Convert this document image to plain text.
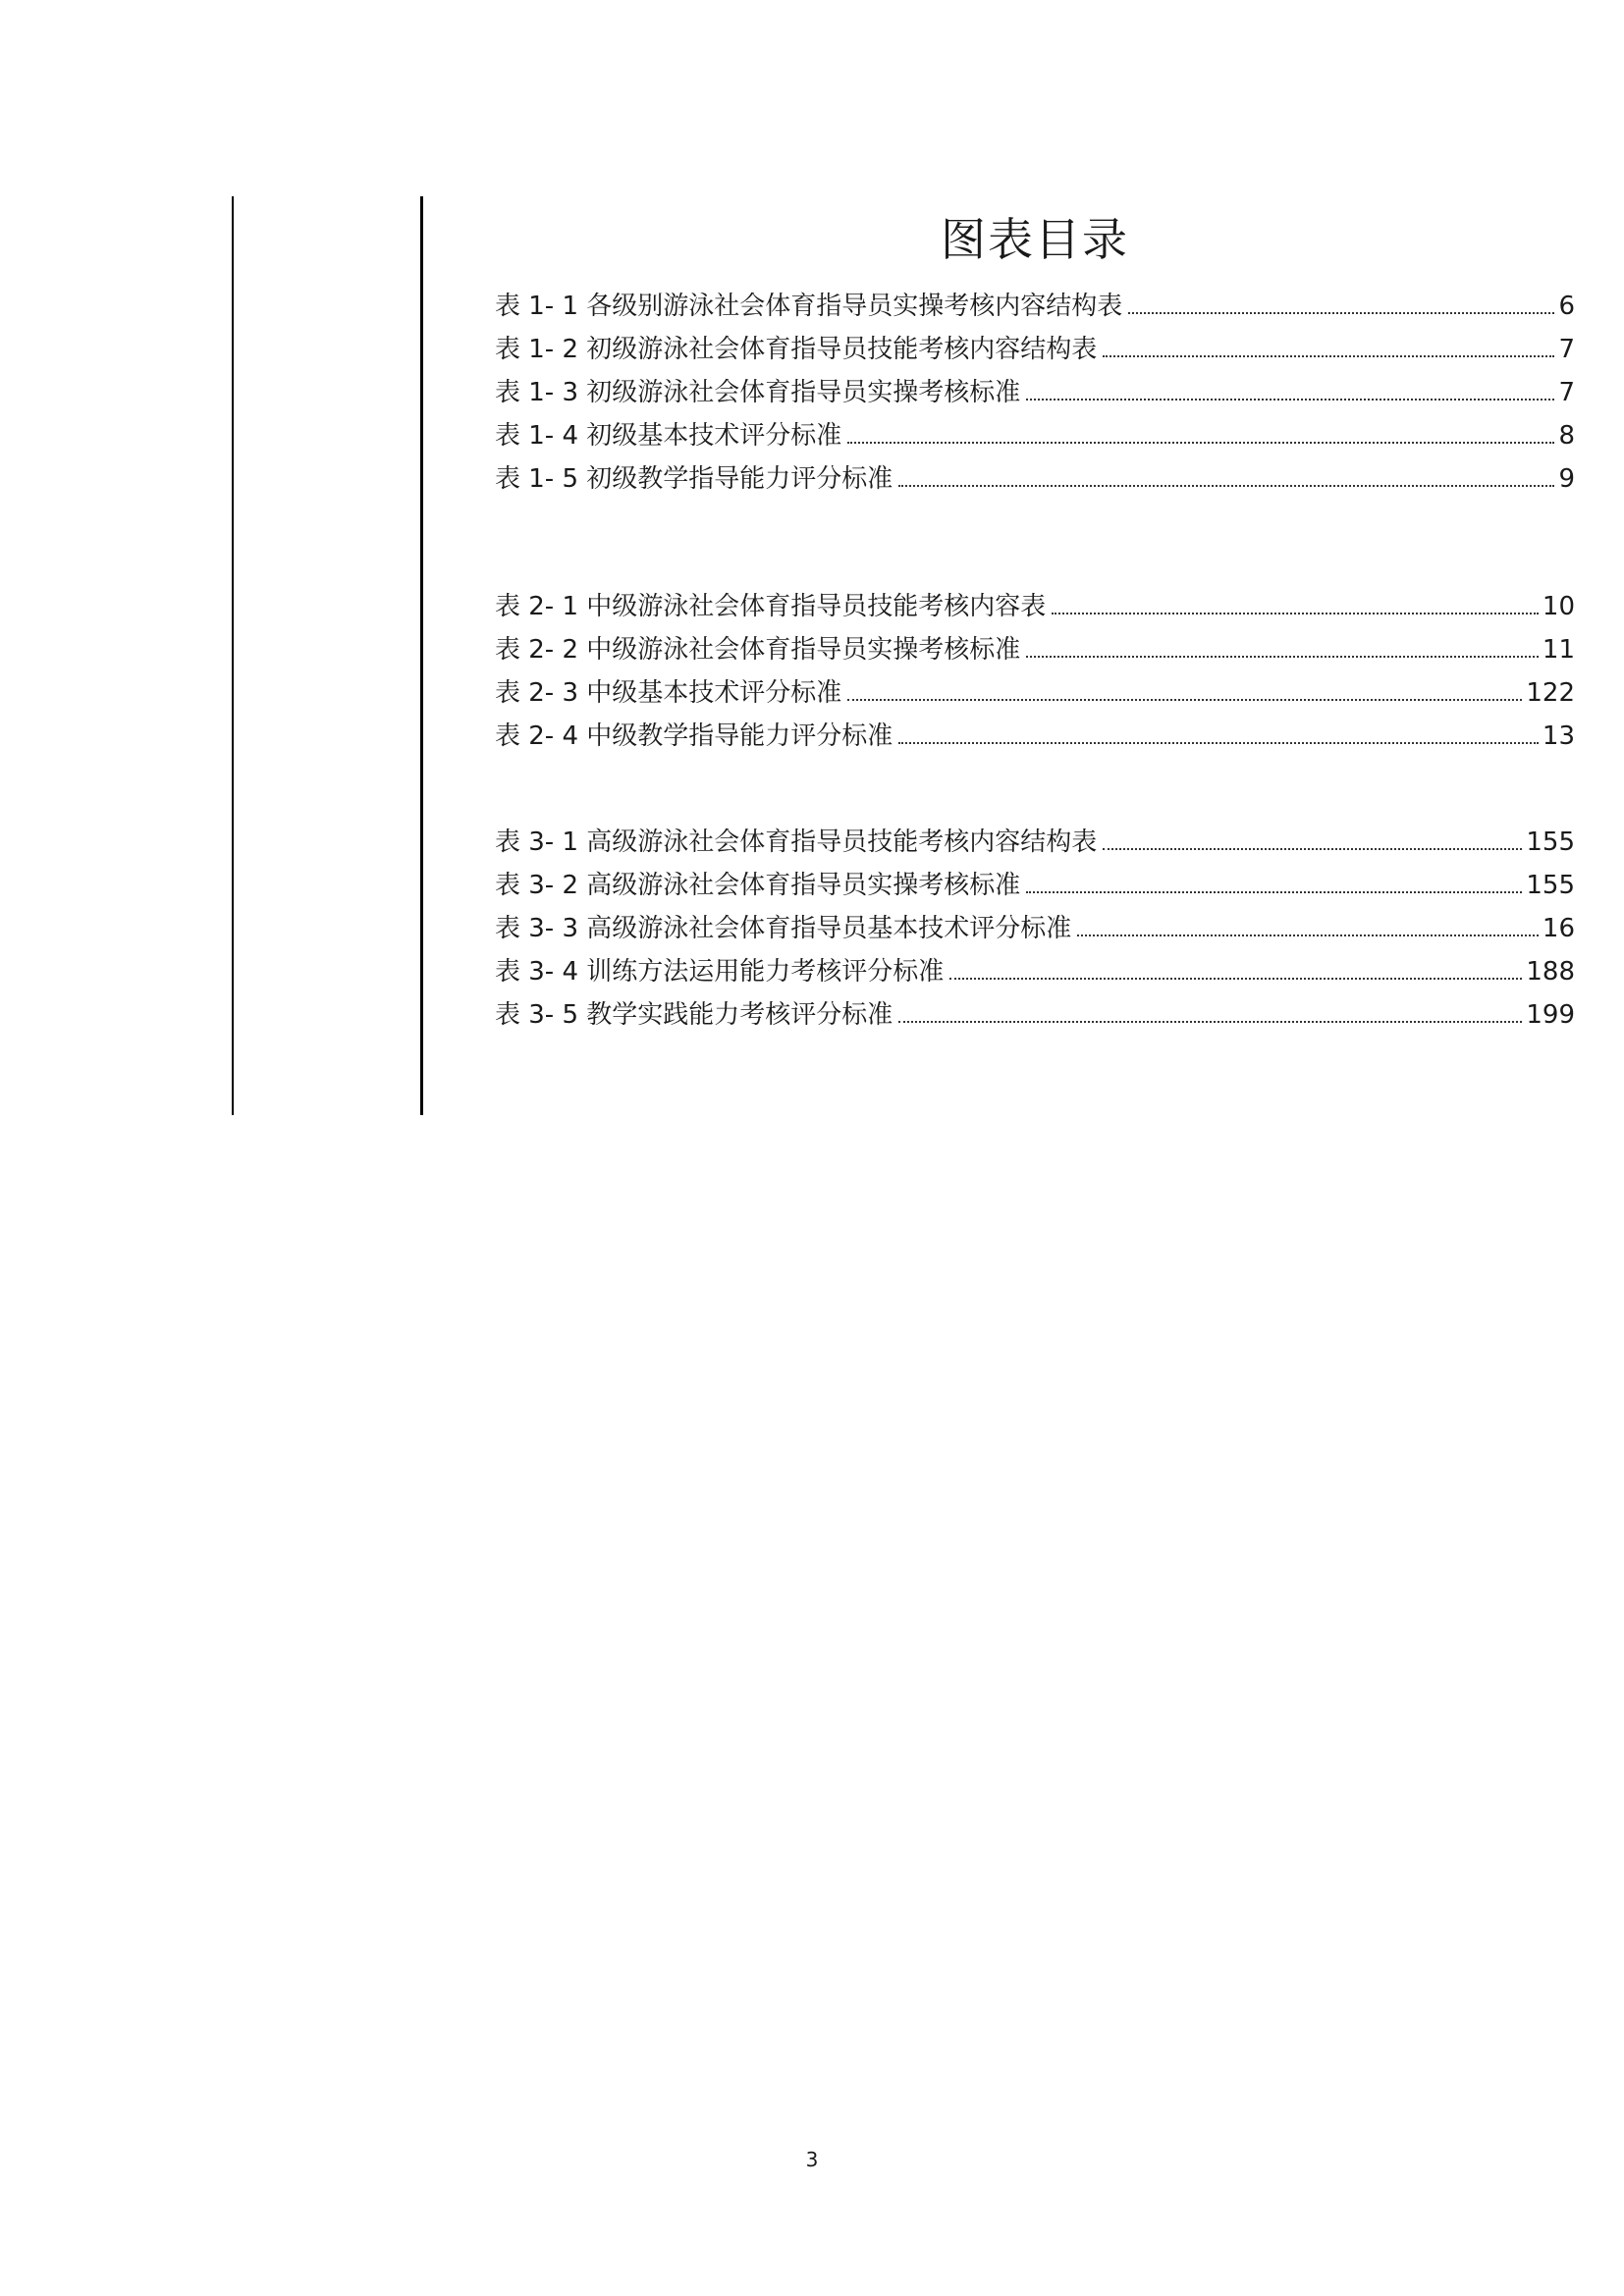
图表目录
表 1- 1 各级别游泳社会体育指导员实操考核内容结构表	6
表 1- 2 初级游泳社会体育指导员技能考核内容结构表	7
表 1- 3 初级游泳社会体育指导员实操考核标准	7
表 1- 4 初级基本技术评分标准	8
表 1- 5 初级教学指导能力评分标准	9
表 2- 1 中级游泳社会体育指导员技能考核内容表	10
表 2- 2 中级游泳社会体育指导员实操考核标准	11
表 2- 3 中级基本技术评分标准	122
表 2- 4 中级教学指导能力评分标准	13
表 3- 1 高级游泳社会体育指导员技能考核内容结构表	155
表 3- 2 高级游泳社会体育指导员实操考核标准	155
表 3- 3 高级游泳社会体育指导员基本技术评分标准	16
表 3- 4 训练方法运用能力考核评分标准	188
表 3- 5 教学实践能力考核评分标准	199
3
